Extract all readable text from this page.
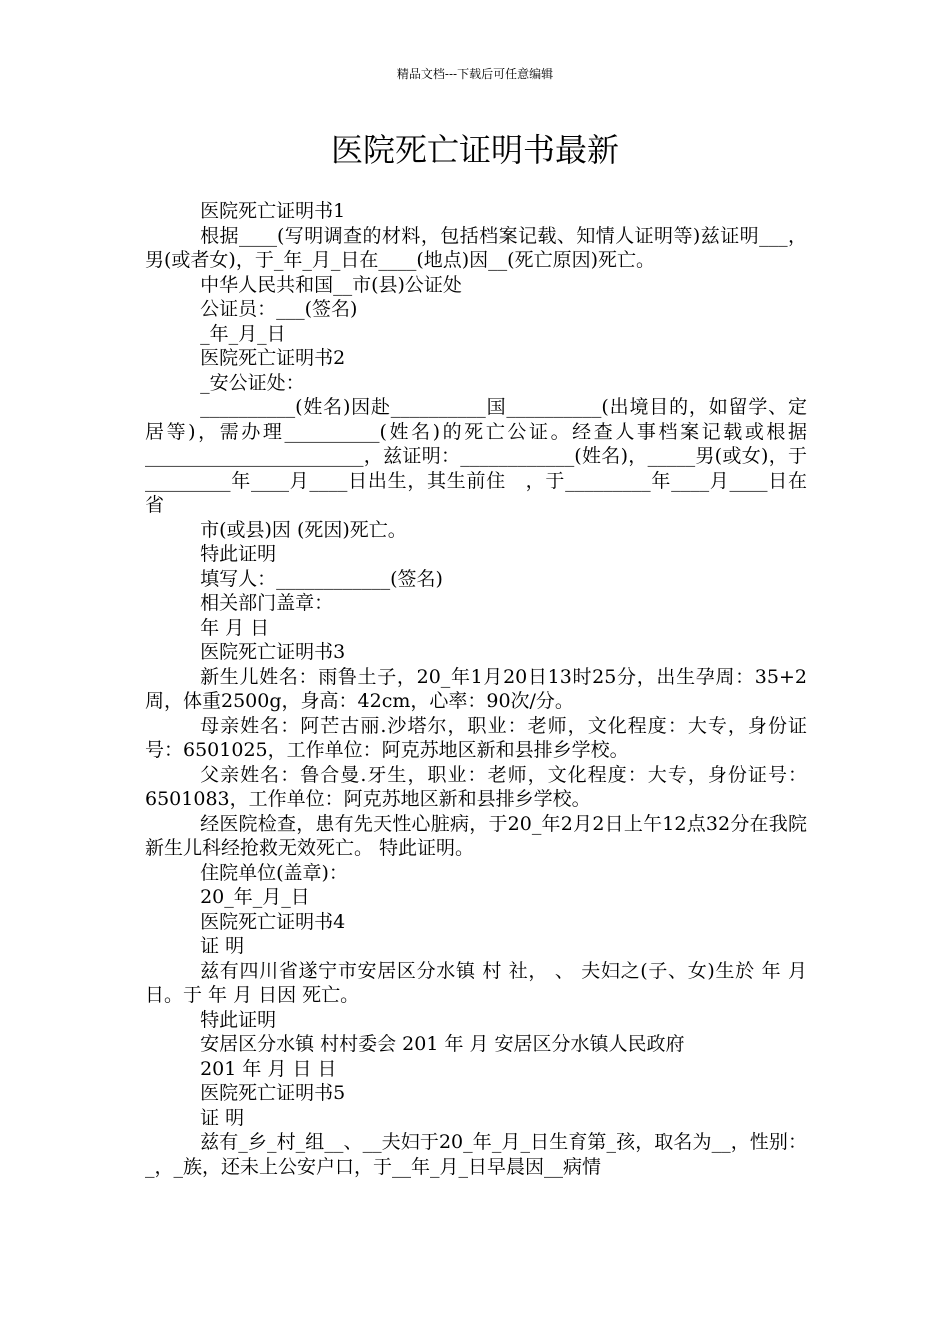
精品文档---下载后可任意编辑
医院死亡证明书最新

医院死亡证明书1

根据____(写明调查的材料，包括档案记载、知情人证明等)兹证明___，男(或者女)，于_年_月_日在____(地点)因__(死亡原因)死亡。

中华人民共和国__市(县)公证处

公证员：___(签名)

_年_月_日

医院死亡证明书2

_安公证处：

__________(姓名)因赴__________国__________(出境目的，如留学、定居等)，需办理__________(姓名)的死亡公证。经查人事档案记载或根据_______________________，兹证明：____________(姓名)，_____男(或女)，于_________年____月____日出生，其生前住　，于_________年____月____日在省

市(或县)因 (死因)死亡。

特此证明

填写人：____________(签名)

相关部门盖章：

年 月 日

医院死亡证明书3

新生儿姓名：雨鲁土子，20_年1月20日13时25分，出生孕周：35+2周，体重2500g，身高：42cm，心率：90次/分。

母亲姓名：阿芒古丽.沙塔尔，职业：老师，文化程度：大专，身份证号：6501025，工作单位：阿克苏地区新和县排乡学校。

父亲姓名：鲁合曼.牙生，职业：老师，文化程度：大专，身份证号：6501083，工作单位：阿克苏地区新和县排乡学校。

经医院检查，患有先天性心脏病，于20_年2月2日上午12点32分在我院新生儿科经抢救无效死亡。 特此证明。

住院单位(盖章)：

20_年_月_日

医院死亡证明书4

证 明

兹有四川省遂宁市安居区分水镇 村 社， 、 夫妇之(子、女)生於 年 月 日。于 年 月 日因 死亡。

特此证明

安居区分水镇 村村委会 201 年 月 安居区分水镇人民政府

201 年 月 日 日

医院死亡证明书5

证 明

兹有_乡_村_组__、__夫妇于20_年_月_日生育第_孩，取名为__，性别：_，_族，还未上公安户口，于__年_月_日早晨因__病情
